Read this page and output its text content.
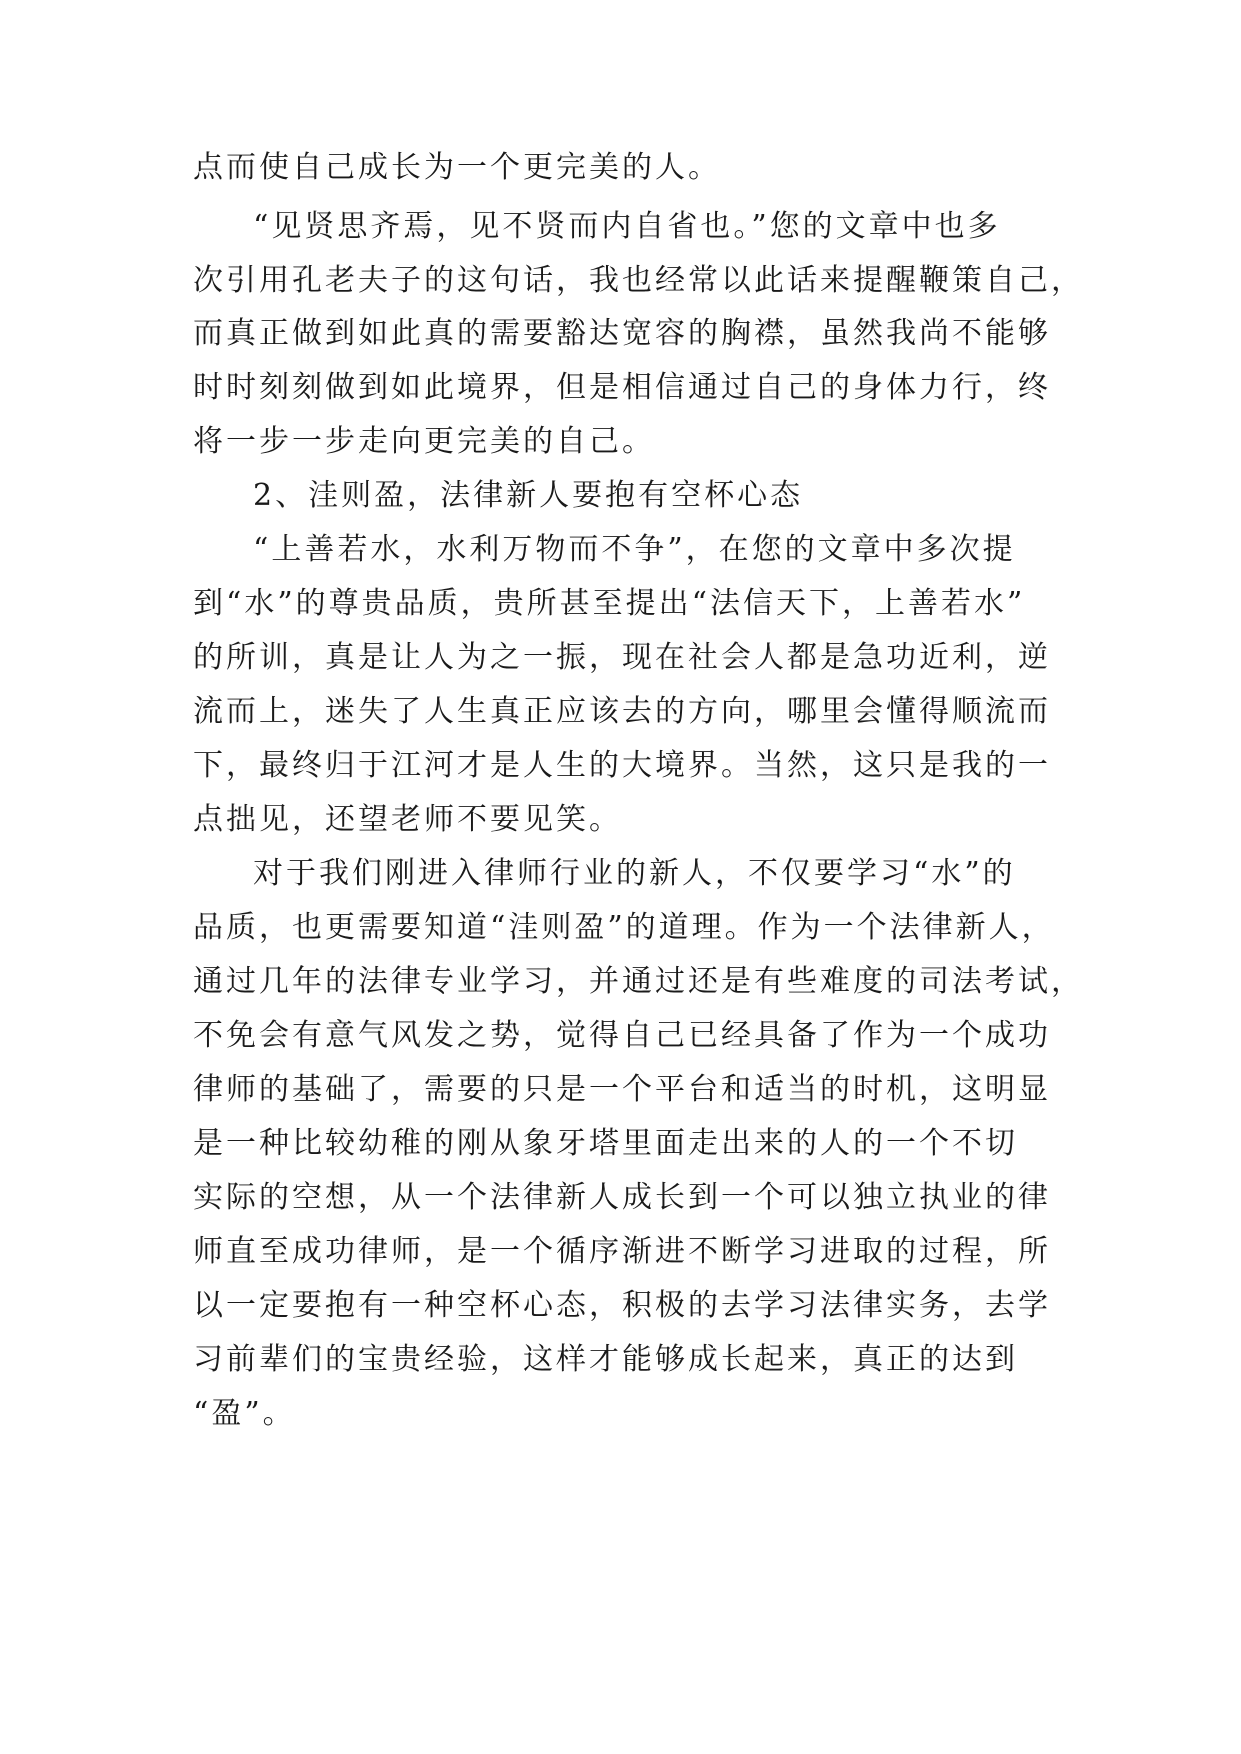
点而使自己成长为一个更完美的人。
“见贤思齐焉，见不贤而内自省也。”您的文章中也多
次引用孔老夫子的这句话，我也经常以此话来提醒鞭策自己，
而真正做到如此真的需要豁达宽容的胸襟，虽然我尚不能够
时时刻刻做到如此境界，但是相信通过自己的身体力行，终
将一步一步走向更完美的自己。
2、洼则盈，法律新人要抱有空杯心态
“上善若水，水利万物而不争”，在您的文章中多次提
到“水”的尊贵品质，贵所甚至提出“法信天下，上善若水”
的所训，真是让人为之一振，现在社会人都是急功近利，逆
流而上，迷失了人生真正应该去的方向，哪里会懂得顺流而
下，最终归于江河才是人生的大境界。当然，这只是我的一
点拙见，还望老师不要见笑。
对于我们刚进入律师行业的新人，不仅要学习“水”的
品质，也更需要知道“洼则盈”的道理。作为一个法律新人，
通过几年的法律专业学习，并通过还是有些难度的司法考试，
不免会有意气风发之势，觉得自己已经具备了作为一个成功
律师的基础了，需要的只是一个平台和适当的时机，这明显
是一种比较幼稚的刚从象牙塔里面走出来的人的一个不切
实际的空想，从一个法律新人成长到一个可以独立执业的律
师直至成功律师，是一个循序渐进不断学习进取的过程，所
以一定要抱有一种空杯心态，积极的去学习法律实务，去学
习前辈们的宝贵经验，这样才能够成长起来，真正的达到
“盈”。
